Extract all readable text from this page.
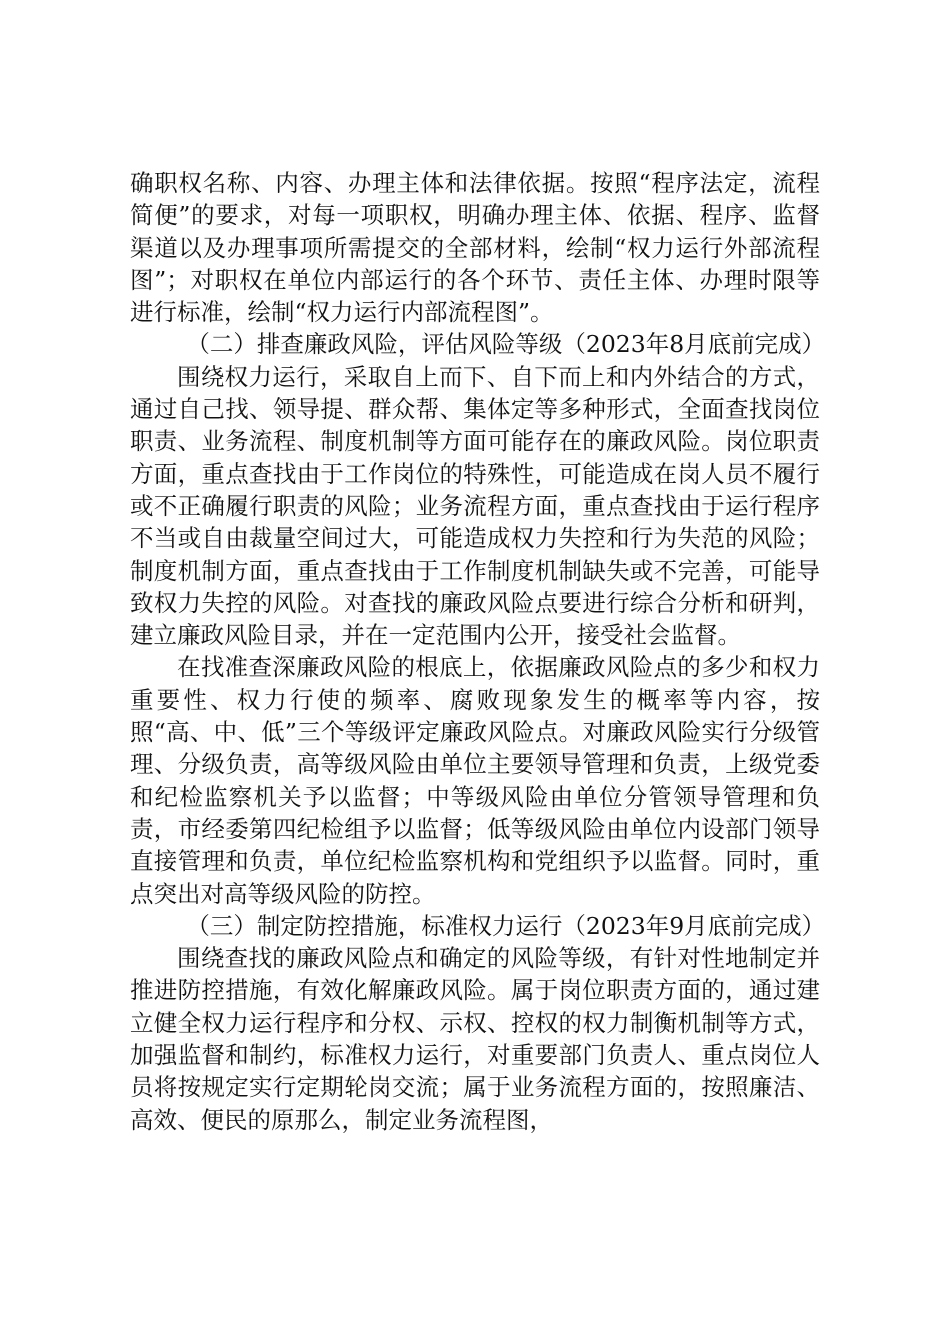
确职权名称、内容、办理主体和法律依据。按照“程序法定，流程简便”的要求，对每一项职权，明确办理主体、依据、程序、监督渠道以及办理事项所需提交的全部材料，绘制“权力运行外部流程图”；对职权在单位内部运行的各个环节、责任主体、办理时限等进行标准，绘制“权力运行内部流程图”。

（二）排查廉政风险，评估风险等级（2023年8月底前完成）

围绕权力运行，采取自上而下、自下而上和内外结合的方式，通过自己找、领导提、群众帮、集体定等多种形式，全面查找岗位职责、业务流程、制度机制等方面可能存在的廉政风险。岗位职责方面，重点查找由于工作岗位的特殊性，可能造成在岗人员不履行或不正确履行职责的风险；业务流程方面，重点查找由于运行程序不当或自由裁量空间过大，可能造成权力失控和行为失范的风险；制度机制方面，重点查找由于工作制度机制缺失或不完善，可能导致权力失控的风险。对查找的廉政风险点要进行综合分析和研判，建立廉政风险目录，并在一定范围内公开，接受社会监督。

在找准查深廉政风险的根底上，依据廉政风险点的多少和权力重要性、权力行使的频率、腐败现象发生的概率等内容，按照“高、中、低”三个等级评定廉政风险点。对廉政风险实行分级管理、分级负责，高等级风险由单位主要领导管理和负责，上级党委和纪检监察机关予以监督；中等级风险由单位分管领导管理和负责，市经委第四纪检组予以监督；低等级风险由单位内设部门领导直接管理和负责，单位纪检监察机构和党组织予以监督。同时，重点突出对高等级风险的防控。

（三）制定防控措施，标准权力运行（2023年9月底前完成）

围绕查找的廉政风险点和确定的风险等级，有针对性地制定并推进防控措施，有效化解廉政风险。属于岗位职责方面的，通过建立健全权力运行程序和分权、示权、控权的权力制衡机制等方式，加强监督和制约，标准权力运行，对重要部门负责人、重点岗位人员将按规定实行定期轮岗交流；属于业务流程方面的，按照廉洁、高效、便民的原那么，制定业务流程图，
